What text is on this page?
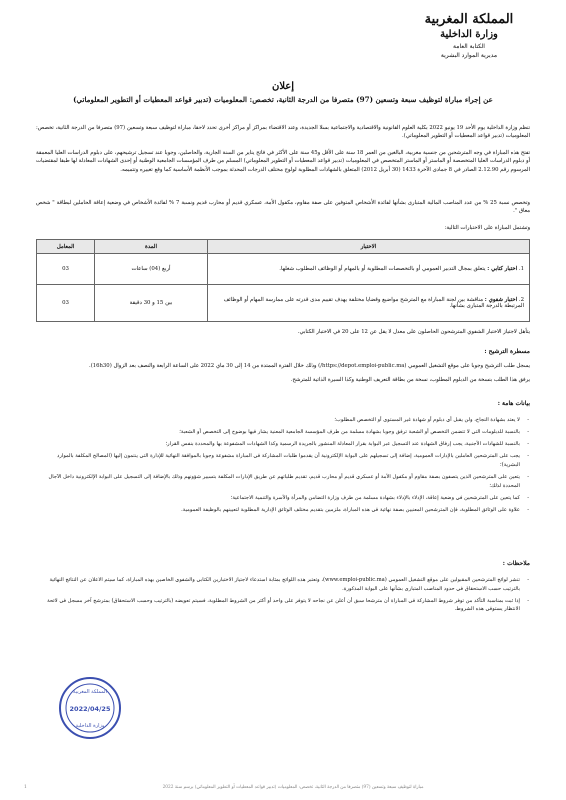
المملكة المغربية
وزارة الداخلية
الكتابة العامة
مديرية الموارد البشرية
إعلان
عن إجراء مباراة لتوظيف سبعة وتسعين (97) متصرفا من الدرجة الثانية، تخصص: المعلوميات (تدبير قواعد المعطيات أو التطوير المعلوماتي)
تنظم وزارة الداخلية يوم الأحد 19 يونيو 2022 بكلية العلوم القانونية والاقتصادية والاجتماعية بسلا الجديدة، وعند الاقتضاء بمراكز أو مراكز أخرى تحدد لاحقا، مباراة لتوظيف سبعة وتسعين (97) متصرفا من الدرجة الثانية، تخصص: المعلوميات (تدبير قواعد المعطيات أو التطوير المعلوماتي).
تفتح هذه المباراة في وجه المترشحين من جنسية مغربية، البالغين من العمر 18 سنة على الأقل و45 سنة على الأكثر في فاتح يناير من السنة الجارية، والحاصلين، وجوبا عند تسجيل ترشيحهم، على دبلوم الدراسات العليا المعمقة أو دبلوم الدراسات العليا المتخصصة أو الماستر أو الماستر المتخصص في المعلوميات (تدبير قواعد المعطيات أو التطوير المعلوماتي) المسلم من طرف المؤسسات الجامعية الوطنية أو إحدى الشهادات المعادلة لها طبقا لمقتضيات المرسوم رقم 2.12.90 الصادر في 8 جمادى الآخرة 1433 (30 أبريل 2012) المتعلق بالشهادات المطلوبة لولوج مختلف الدرجات المحدثة بموجب الأنظمة الأساسية كما وقع تغييره وتتميمه.
وتخصص نسبة 25 % من عدد المناصب المالية المتبارى بشأنها لفائدة الأشخاص المتوفين على صفة مقاوم، مكفول الأمة، عسكري قديم أو محارب قديم ونسبة 7 % لفائدة الأشخاص في وضعية إعاقة الحاملين لبطاقة " شخص معاق ".
وتشتمل المباراة على الاختبارات التالية:
الاختبار	المدة	المعامل
1. اختبار كتابي : يتعلق بمجال التدبير العمومي أو بالتخصصات المطلوبة أو بالمهام أو الوظائف المطلوب شغلها.	أربع (04) ساعات	03
2. اختبار شفوي : مناقشة بين لجنة المباراة مع المترشح مواضيع وقضايا مختلفة يهدف تقييم مدى قدرته على ممارسة المهام أو الوظائف المرتبطة بالدرجة المتبارى بشأنها.	بين 15 و 30 دقيقة	03
يتأهل لاجتياز الاختبار الشفوي المترشحون الحاصلون على معدل لا يقل عن 12 على 20 في الاختبار الكتابي.
مسطرة الترشيح :
يسجل طلب الترشيح وجوبا على موقع التشغيل العمومي (https://depot.emploi-public.ma/) وذلك خلال الفترة الممتدة من 14 إلى 30 ماي 2022 على الساعة الرابعة والنصف بعد الزوال (16h30).
يرفق هذا الطلب بنسخة من الدبلوم المطلوب، نسخة من بطاقة التعريف الوطنية وكذا السيرة الذاتية للمترشح.
بيانات هامة :
- لا يعتد بشهادة النجاح، ولن يقبل أي دبلوم أو شهادة غير المستوى أو التخصص المطلوب؛
- بالنسبة للدبلومات التي لا تتضمن التخصص أو الشعبة ترفق وجوبا بشهادة مسلمة من طرف المؤسسة الجامعية المعنية يشار فيها بوضوح إلى التخصص أو الشعبة؛
- بالنسبة للشهادات الأجنبية، يجب إرفاق الشهادة عند التسجيل عبر البوابة بقرار المعادلة المنشور بالجريدة الرسمية وكذا الشهادات المشفوعة بها والمحددة بنفس القرار؛
- يجب على المترشحين العاملين بالإدارات العمومية، إضافة إلى تسجيلهم على البوابة الإلكترونية أن يقدموا طلبات المشاركة في المباراة مشفوعة وجوبا بالموافقة النهائية للإدارة التي ينتمون إليها (المصالح المكلفة بالموارد البشرية)؛
- يتعين على المترشحين الذين يتصفون بصفة مقاوم أو مكفول الأمة أو عسكري قديم أو محارب قديم، تقديم طلباتهم عن طريق الإدارات المكلفة بتسيير شؤونهم وذلك بالإضافة إلى التسجيل على البوابة الإلكترونية داخل الآجال المحددة لذلك؛
- كما يتعين على المترشحين في وضعية إعاقة، الإدلاء بالإدلاء بشهادة مسلمة من طرف وزارة التضامن والمرأة والأسرة والتنمية الاجتماعية؛
- علاوة على الوثائق المطلوبة، فإن المترشحين المعنيين بصفة نهائية في هذه المباراة، ملزمين بتقديم مختلف الوثائق الإدارية المطلوبة لتعيينهم بالوظيفة العمومية.
ملاحظات :
- تنشر لوائح المترشحين المقبولين على موقع التشغيل العمومي (www.emploi-public.ma)، وتعتبر هذه اللوائح بمثابة استدعاء لاجتياز الاختبارين الكتابي والشفوي الخاصين بهذه المباراة، كما سيتم الاعلان عن النتائج النهائية بالترتيب حسب الاستحقاق في حدود المناصب المتبارى بشأنها على البوابة المذكورة.
- إذا ثبت بمناسبة التأكد من توفر شروط المشاركة في المباراة أن مترشحا سبق أن أعلن عن نجاحه لا يتوفر على واحد أو أكثر من الشروط المطلوبة، فسيتم تعويضه (بالترتيب وحسب الاستحقاق) بمترشح آخر مسجل في لائحة الانتظار يستوفي هذه الشروط.
المملكة المغربية
2022/04/25
وزارة الداخلية
مباراة لتوظيف سبعة وتسعين (97) متصرفا من الدرجة الثانية، تخصص: المعلوميات (تدبير قواعد المعطيات أو التطوير المعلوماتي) برسم سنة 2022
1
